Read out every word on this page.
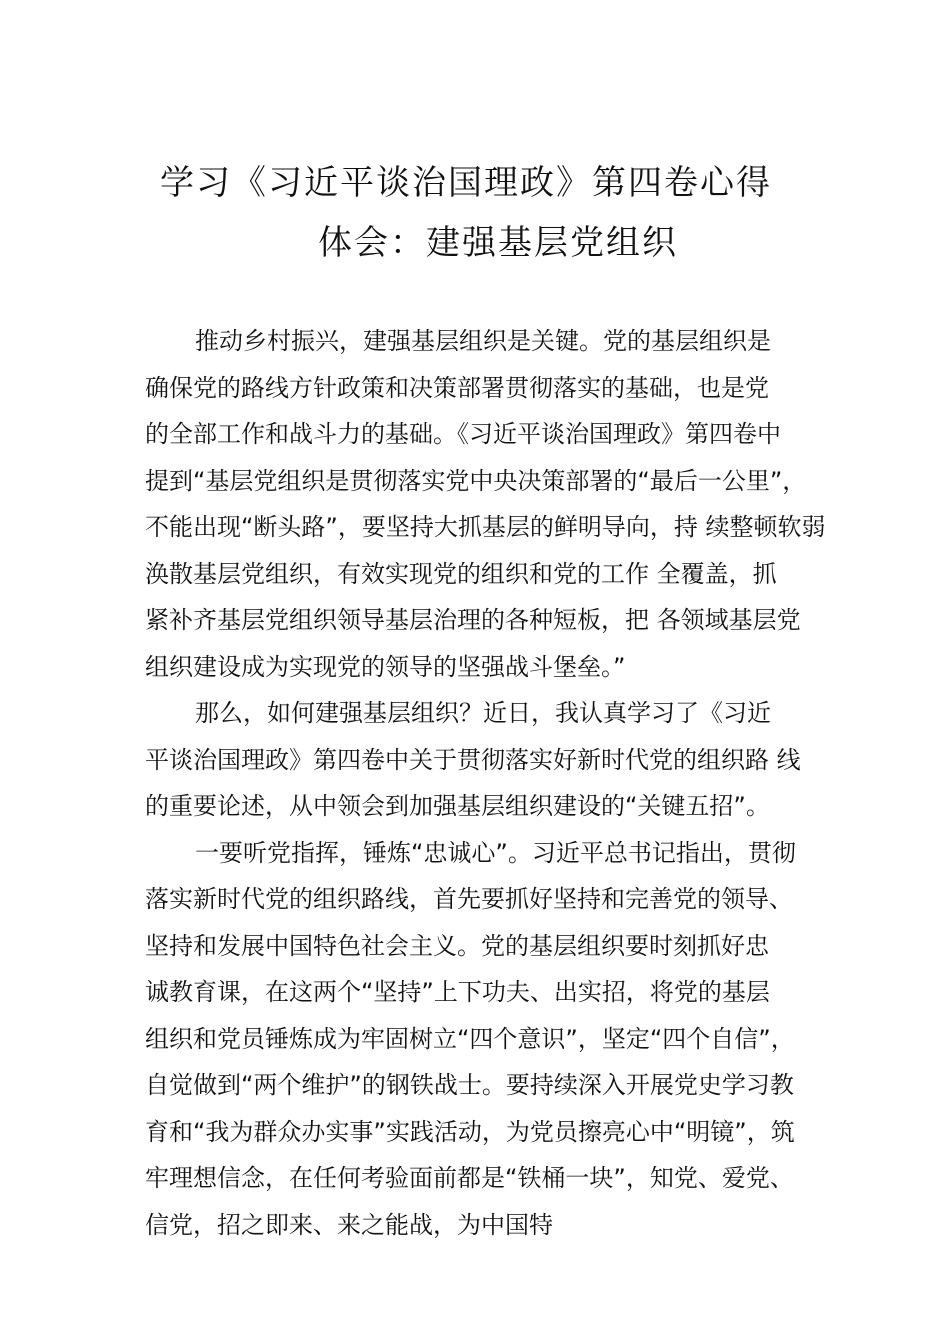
学习《习近平谈治国理政》第四卷心得
体会：建强基层党组织
推动乡村振兴，建强基层组织是关键。党的基层组织是
确保党的路线方针政策和决策部署贯彻落实的基础，也是党
的全部工作和战斗力的基础。《习近平谈治国理政》第四卷中
提到“基层党组织是贯彻落实党中央决策部署的“最后一公里”，
不能出现“断头路”，要坚持大抓基层的鲜明导向，持 续整顿软弱
涣散基层党组织，有效实现党的组织和党的工作 全覆盖，抓
紧补齐基层党组织领导基层治理的各种短板，把 各领域基层党
组织建设成为实现党的领导的坚强战斗堡垒。”
那么，如何建强基层组织？近日，我认真学习了《习近
平谈治国理政》第四卷中关于贯彻落实好新时代党的组织路 线
的重要论述，从中领会到加强基层组织建设的“关键五招”。
一要听党指挥，锤炼“忠诚心”。习近平总书记指出，贯彻
落实新时代党的组织路线，首先要抓好坚持和完善党的领导、
坚持和发展中国特色社会主义。党的基层组织要时刻抓好忠
诚教育课，在这两个“坚持”上下功夫、出实招，将党的基层
组织和党员锤炼成为牢固树立“四个意识”，坚定“四个自信”，
自觉做到“两个维护”的钢铁战士。要持续深入开展党史学习教
育和“我为群众办实事”实践活动，为党员擦亮心中“明镜”，筑
牢理想信念，在任何考验面前都是“铁桶一块”，知党、爱党、
信党，招之即来、来之能战，为中国特
